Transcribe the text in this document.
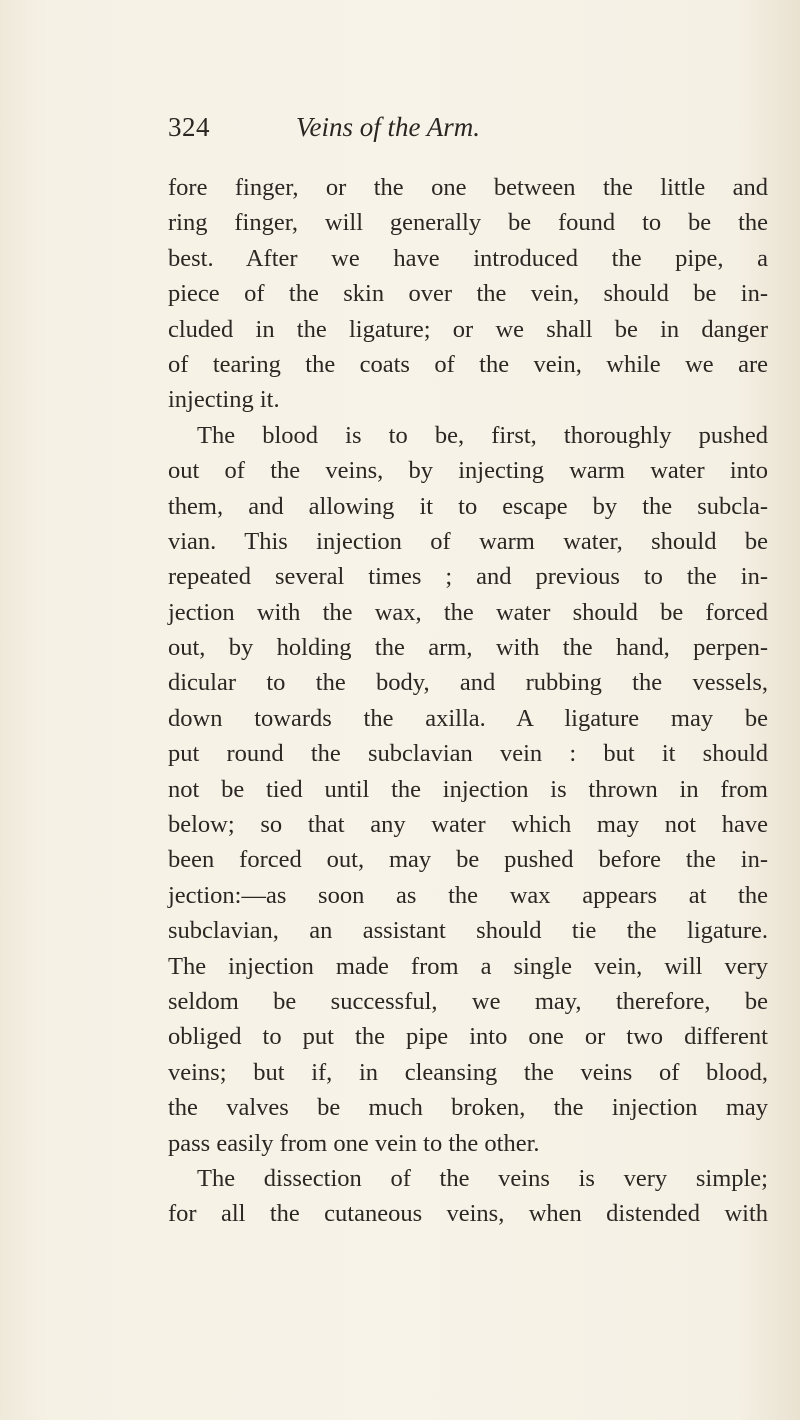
324	Veins of the Arm.
fore finger, or the one between the little and
ring finger, will generally be found to be the
best. After we have introduced the pipe, a
piece of the skin over the vein, should be in-
cluded in the ligature; or we shall be in danger
of tearing the coats of the vein, while we are
injecting it.
The blood is to be, first, thoroughly pushed
out of the veins, by injecting warm water into
them, and allowing it to escape by the subcla-
vian. This injection of warm water, should be
repeated several times ; and previous to the in-
jection with the wax, the water should be forced
out, by holding the arm, with the hand, perpen-
dicular to the body, and rubbing the vessels,
down towards the axilla. A ligature may be
put round the subclavian vein : but it should
not be tied until the injection is thrown in from
below; so that any water which may not have
been forced out, may be pushed before the in-
jection:—as soon as the wax appears at the
subclavian, an assistant should tie the ligature.
The injection made from a single vein, will very
seldom be successful, we may, therefore, be
obliged to put the pipe into one or two different
veins; but if, in cleansing the veins of blood,
the valves be much broken, the injection may
pass easily from one vein to the other.
The dissection of the veins is very simple;
for all the cutaneous veins, when distended with
